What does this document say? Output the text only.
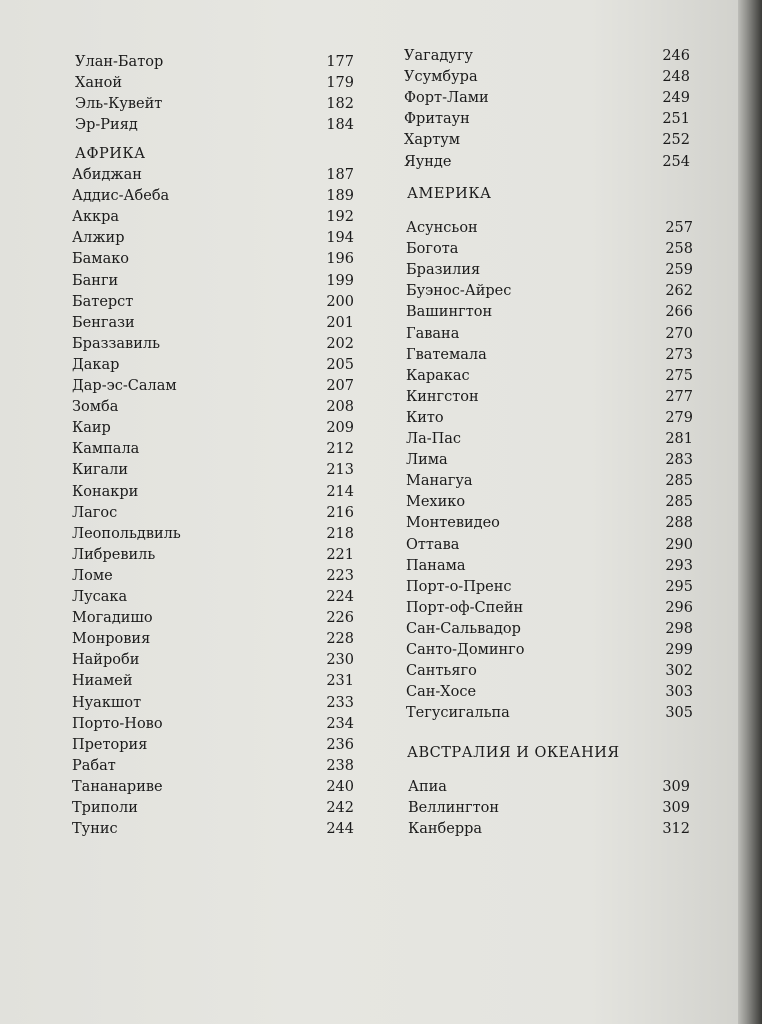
Улан-Батор	177
Ханой	179
Эль-Кувейт	182
Эр-Рияд	184
АФРИКА
Абиджан	187
Аддис-Абеба	189
Аккра	192
Алжир	194
Бамако	196
Банги	199
Батерст	200
Бенгази	201
Браззавиль	202
Дакар	205
Дар-эс-Салам	207
Зомба	208
Каир	209
Кампала	212
Кигали	213
Конакри	214
Лагос	216
Леопольдвиль	218
Либревиль	221
Ломе	223
Лусака	224
Могадишо	226
Монровия	228
Найроби	230
Ниамей	231
Нуакшот	233
Порто-Ново	234
Претория	236
Рабат	238
Тананариве	240
Триполи	242
Тунис	244
Уагадугу	246
Усумбура	248
Форт-Лами	249
Фритаун	251
Хартум	252
Яунде	254
АМЕРИКА
Асунсьон	257
Богота	258
Бразилия	259
Буэнос-Айрес	262
Вашингтон	266
Гавана	270
Гватемала	273
Каракас	275
Кингстон	277
Кито	279
Ла-Пас	281
Лима	283
Манагуа	285
Мехико	285
Монтевидео	288
Оттава	290
Панама	293
Порт-о-Пренс	295
Порт-оф-Спейн	296
Сан-Сальвадор	298
Санто-Доминго	299
Сантьяго	302
Сан-Хосе	303
Тегусигальпа	305
АВСТРАЛИЯ И ОКЕАНИЯ
Апиа	309
Веллингтон	309
Канберра	312
